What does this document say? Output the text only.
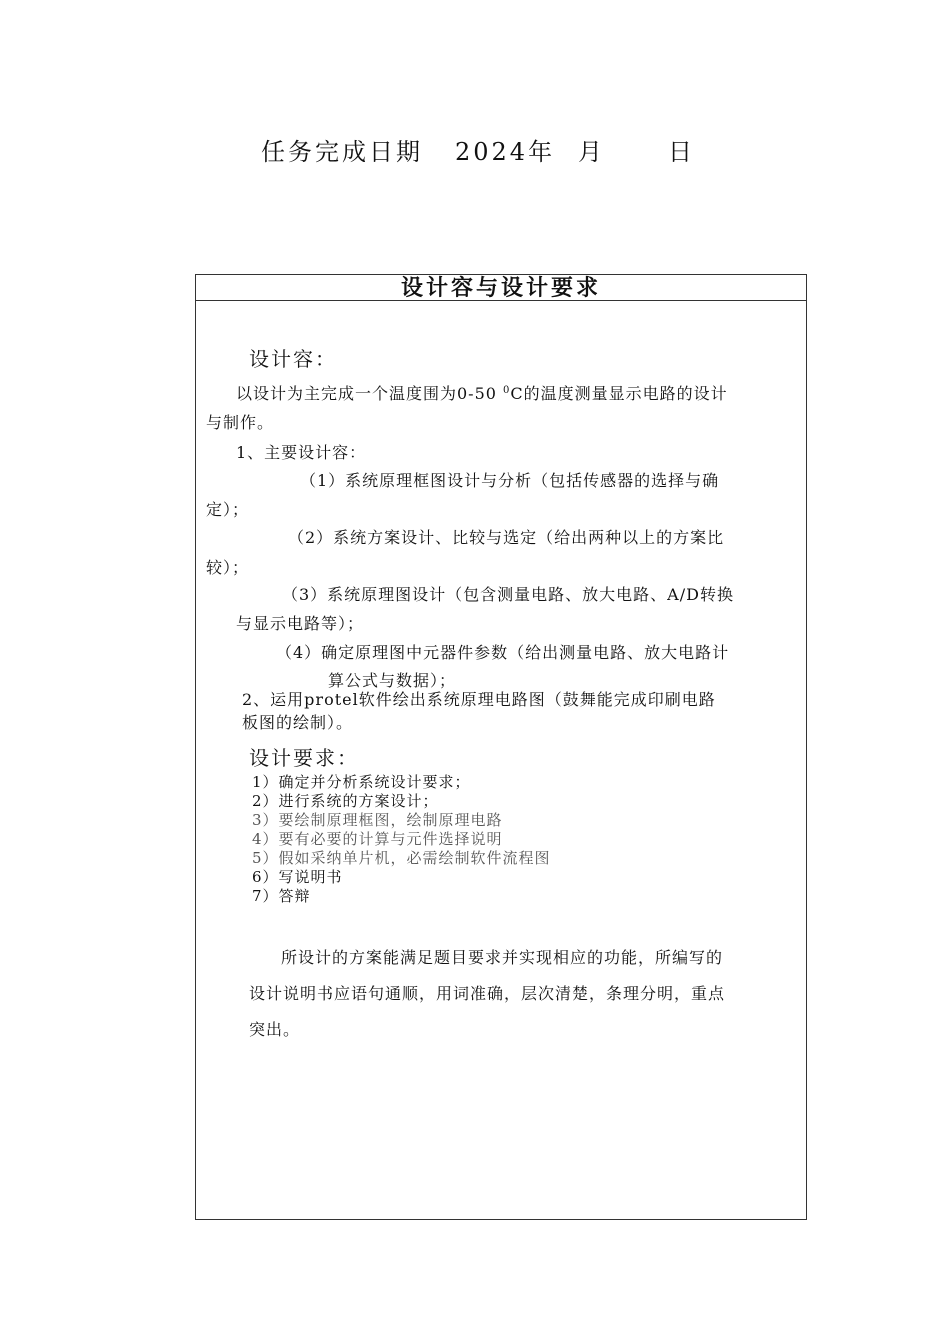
任务完成日期 2024年 月	日
设计容与设计要求
设计容：
以设计为主完成一个温度围为0-50 $^0$C的温度测量显示电路的设计
与制作。
1、主要设计容：
（1）系统原理框图设计与分析（包括传感器的选择与确
定）；
（2）系统方案设计、比较与选定（给出两种以上的方案比
较）；
（3）系统原理图设计（包含测量电路、放大电路、A/D转换
与显示电路等）；
（4）确定原理图中元器件参数（给出测量电路、放大电路计
算公式与数据）；
2、运用protel软件绘出系统原理电路图（鼓舞能完成印刷电路
板图的绘制）。
设计要求：
1）确定并分析系统设计要求；
2）进行系统的方案设计；
3）要绘制原理框图，绘制原理电路
4）要有必要的计算与元件选择说明
5）假如采纳单片机，必需绘制软件流程图
6）写说明书
7）答辩
所设计的方案能满足题目要求并实现相应的功能，所编写的
设计说明书应语句通顺，用词准确，层次清楚，条理分明，重点
突出。
